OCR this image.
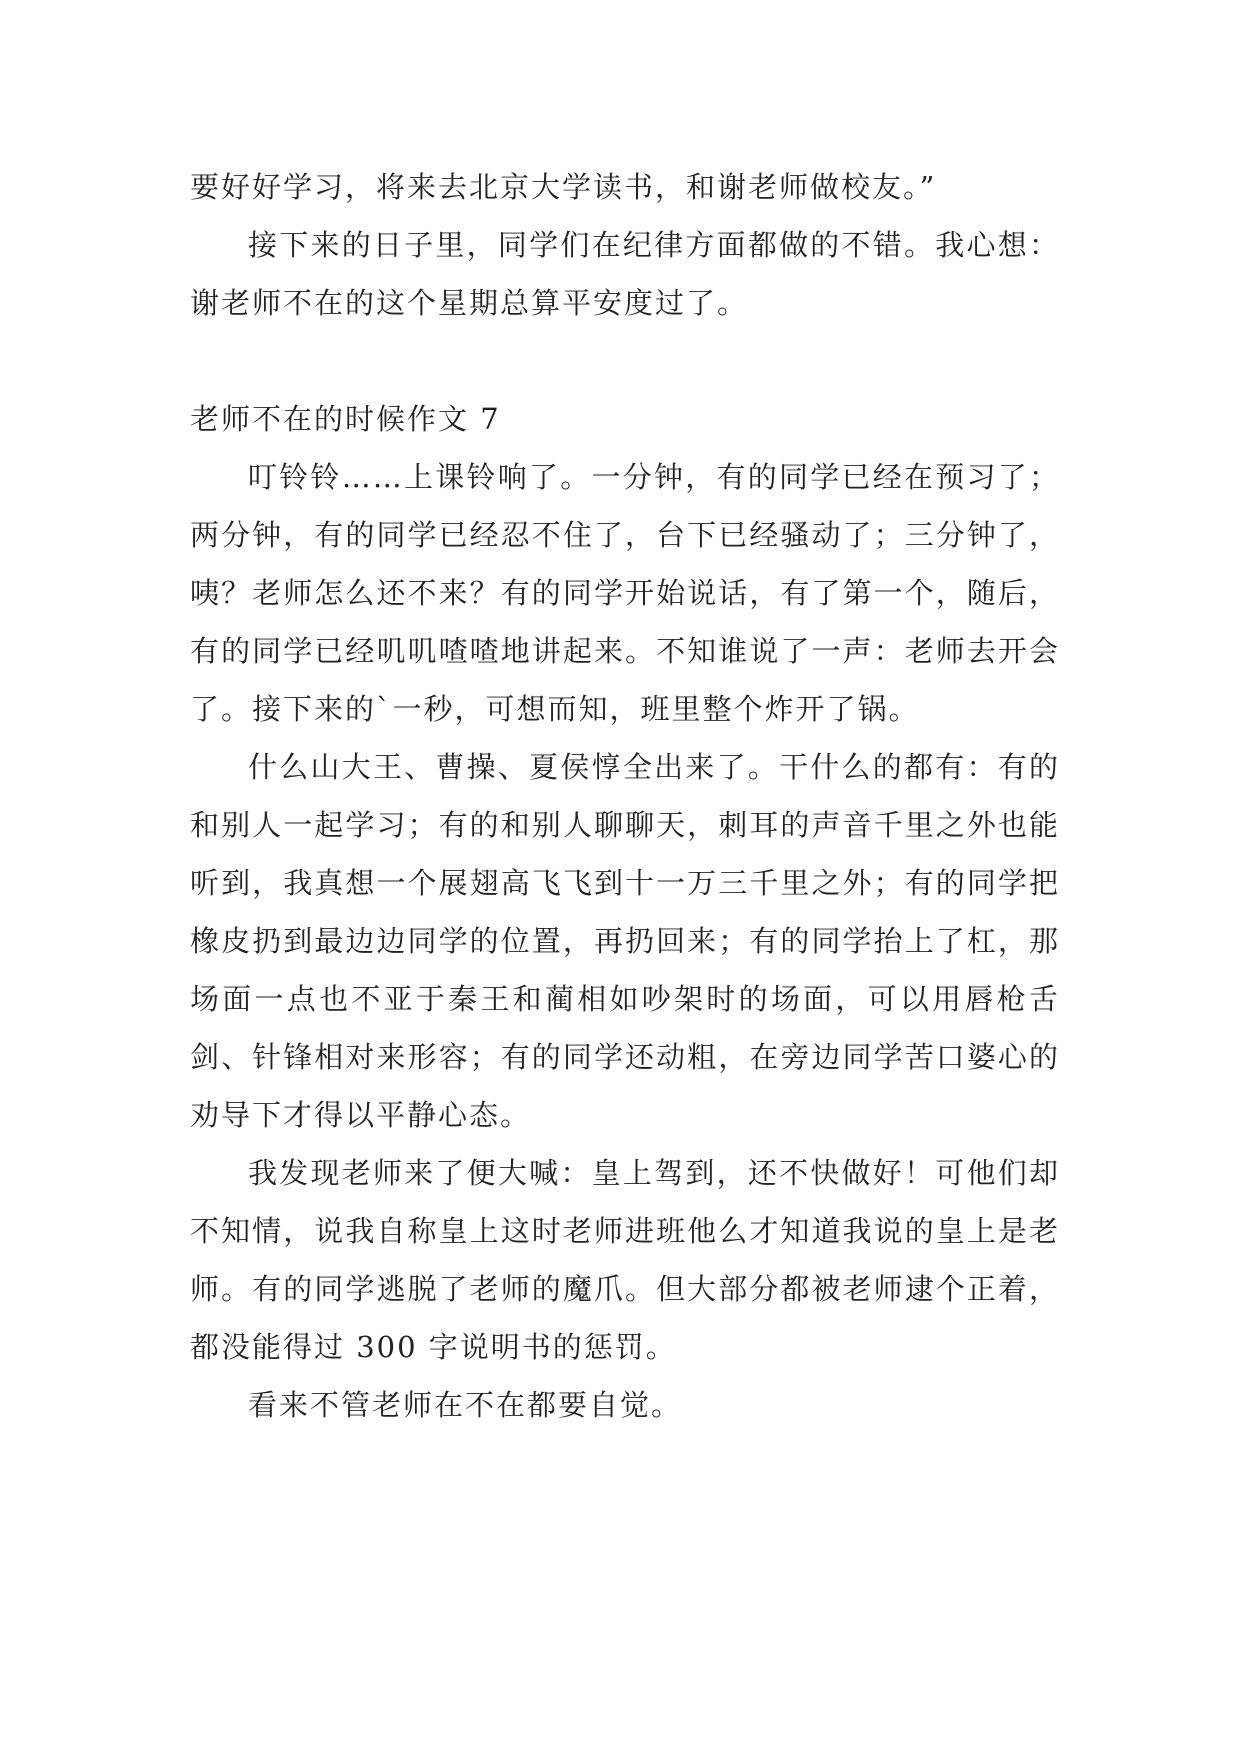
要好好学习，将来去北京大学读书，和谢老师做校友。”

接下来的日子里，同学们在纪律方面都做的不错。我心想：谢老师不在的这个星期总算平安度过了。

老师不在的时候作文 7

叮铃铃……上课铃响了。一分钟，有的同学已经在预习了；两分钟，有的同学已经忍不住了，台下已经骚动了；三分钟了，咦？老师怎么还不来？有的同学开始说话，有了第一个，随后，有的同学已经叽叽喳喳地讲起来。不知谁说了一声：老师去开会了。接下来的`一秒，可想而知，班里整个炸开了锅。

什么山大王、曹操、夏侯惇全出来了。干什么的都有：有的和别人一起学习；有的和别人聊聊天，刺耳的声音千里之外也能听到，我真想一个展翅高飞飞到十一万三千里之外；有的同学把橡皮扔到最边边同学的位置，再扔回来；有的同学抬上了杠，那场面一点也不亚于秦王和蔺相如吵架时的场面，可以用唇枪舌剑、针锋相对来形容；有的同学还动粗，在旁边同学苦口婆心的劝导下才得以平静心态。

我发现老师来了便大喊：皇上驾到，还不快做好！可他们却不知情，说我自称皇上这时老师进班他么才知道我说的皇上是老师。有的同学逃脱了老师的魔爪。但大部分都被老师逮个正着，都没能得过 300 字说明书的惩罚。

看来不管老师在不在都要自觉。
